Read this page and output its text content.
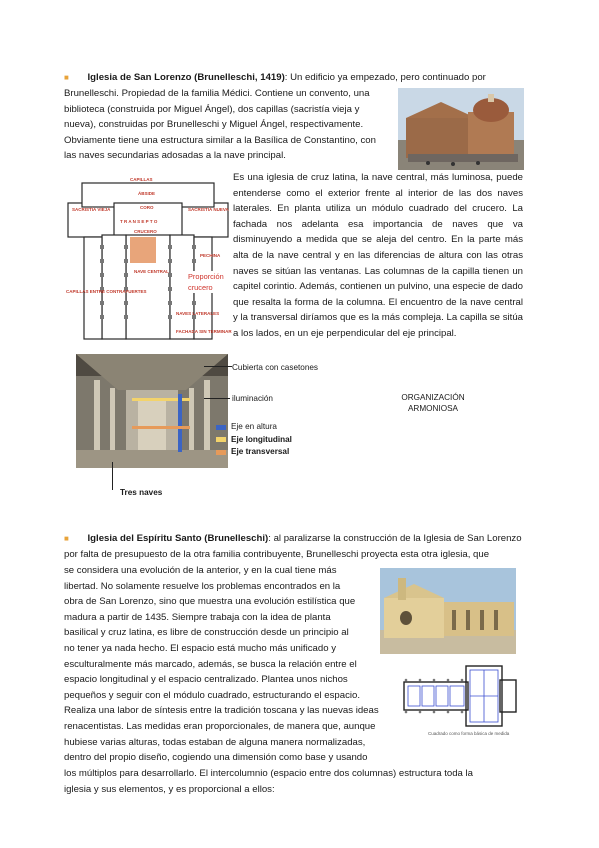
■ Iglesia de San Lorenzo (Brunelleschi, 1419): Un edificio ya empezado, pero continuado por
Brunelleschi. Propiedad de la familia Médici. Contiene un convento, una
biblioteca (construida por Miguel Ángel), dos capillas (sacristía vieja y
nueva), construidas por Brunelleschi y Miguel Ángel, respectivamente.
Obviamente tiene una estructura similar a la Basílica de Constantino, con
las naves secundarias adosadas a la nave principal.
CAPILLAS
SACRISTÍA VIEJA	SACRISTÍA NUEVA
ÁBSIDE
CORO
T R A N S E P T O
CRUCERO
PECHINA
NAVE CENTRAL
CAPILLAS ENTRE CONTRAFUERTES
NAVES LATERALES
FACHADA SIN TERMINAR
Proporción
crucero
Es una iglesia de cruz latina, la nave central, más luminosa, puede entenderse como el exterior frente al interior de las dos naves laterales. En planta utiliza un módulo cuadrado del crucero. La fachada nos adelanta esa importancia de naves que va disminuyendo a medida que se aleja del centro. En la parte más alta de la nave central y en las diferencias de altura con las otras naves se sitúan las ventanas. Las columnas de la capilla tienen un capitel corintio. Además, contienen un pulvino, una especie de dado que resalta la forma de la columna. El encuentro de la nave central y la transversal diríamos que es la más compleja. La capilla se sitúa a los lados, en un eje perpendicular del eje principal.
Cubierta con casetones
iluminación	ORGANIZACIÓN
ARMONIOSA
Eje en altura
Eje longitudinal
Eje transversal
Tres naves
■ Iglesia del Espíritu Santo (Brunelleschi): al paralizarse la construcción de la Iglesia de San Lorenzo
por falta de presupuesto de la otra familia contribuyente, Brunelleschi proyecta esta otra iglesia, que
se considera una evolución de la anterior, y en la cual tiene más
libertad. No solamente resuelve los problemas encontrados en la
obra de San Lorenzo, sino que muestra una evolución estilística que
madura a partir de 1435. Siempre trabaja con la idea de planta
basilical y cruz latina, es libre de construcción desde un principio al
no tener ya nada hecho. El espacio está mucho más unificado y
esculturalmente más marcado, además, se busca la relación entre el
espacio longitudinal y el espacio centralizado. Plantea unos nichos
pequeños y seguir con el módulo cuadrado, estructurando el espacio.
Realiza una labor de síntesis entre la tradición toscana y las nuevas ideas
renacentistas. Las medidas eran proporcionales, de manera que, aunque
hubiese varias alturas, todas estaban de alguna manera normalizadas,
dentro del propio diseño, cogiendo una dimensión como base y usando
los múltiplos para desarrollarlo. El intercolumnio (espacio entre dos columnas) estructura toda la
iglesia y sus elementos, y es proporcional a ellos:
Cuadrado como forma básica de medida
